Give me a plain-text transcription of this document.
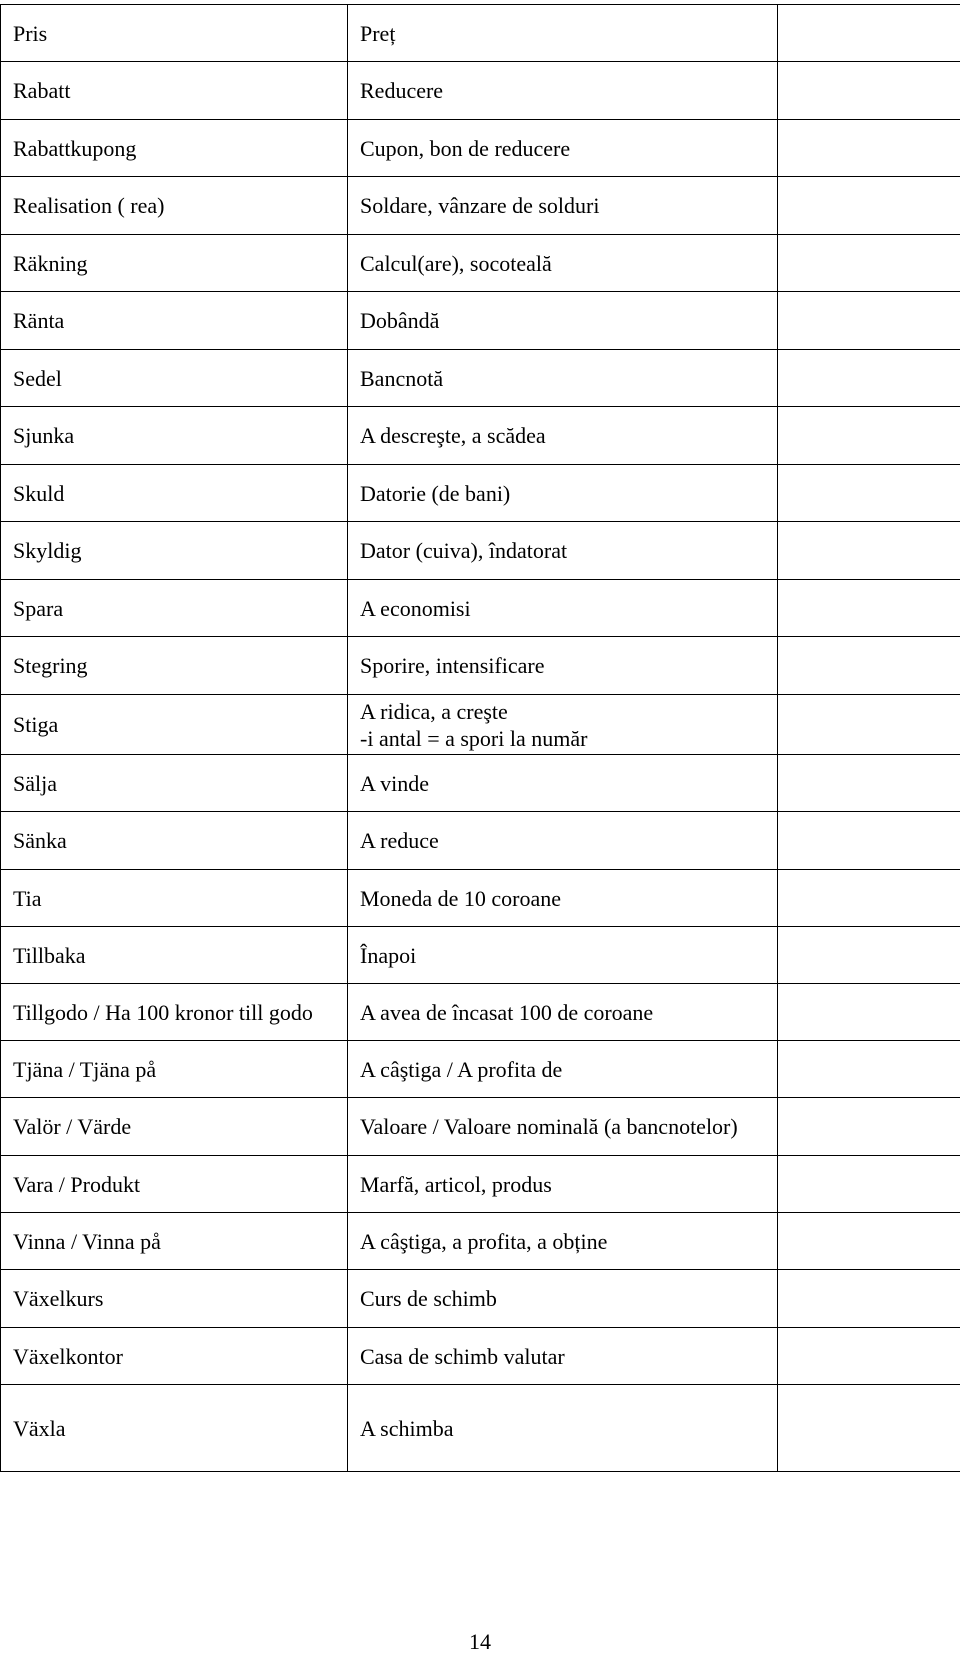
Pris	Preț	

Rabatt	Reducere	

Rabattkupong	Cupon, bon de reducere	

Realisation ( rea)	Soldare, vânzare de solduri	

Räkning	Calcul(are), socoteală	

Ränta	Dobândă	

Sedel	Bancnotă	

Sjunka	A descreşte, a scădea	

Skuld	Datorie (de bani)	

Skyldig	Dator (cuiva), îndatorat	

Spara	A economisi	

Stegring	Sporire, intensificare	

Stiga	A ridica, a creşte
-i antal = a spori la număr	

Sälja	A vinde	

Sänka	A reduce	

Tia	Moneda de 10 coroane	

Tillbaka	Înapoi	

Tillgodo / Ha 100 kronor till godo	A avea de încasat 100 de coroane	

Tjäna / Tjäna på	A câştiga / A profita de	

Valör / Värde	Valoare / Valoare nominală (a bancnotelor)	

Vara / Produkt	Marfă, articol, produs	

Vinna / Vinna på	A câştiga, a profita, a obține	

Växelkurs	Curs de schimb	

Växelkontor	Casa de schimb valutar	

Växla	A schimba	

14
